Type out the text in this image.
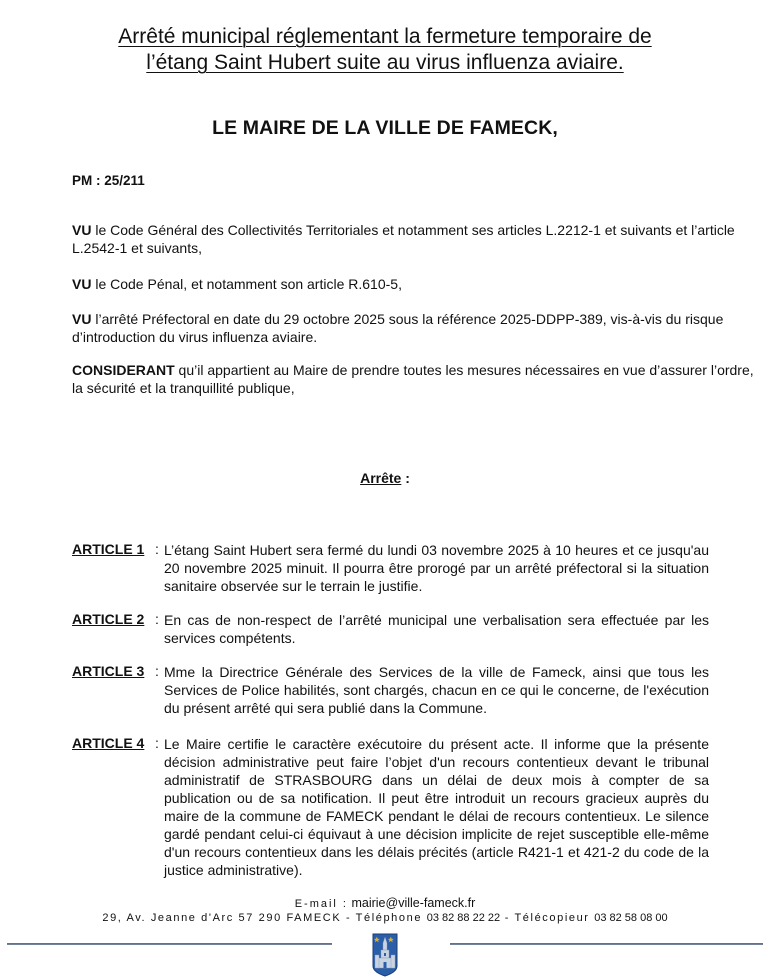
Arrêté municipal réglementant la fermeture temporaire de
l’étang Saint Hubert suite au virus influenza aviaire.
LE MAIRE DE LA VILLE DE FAMECK,
PM : 25/211
VU le Code Général des Collectivités Territoriales et notamment ses articles L.2212-1 et suivants et l’article L.2542-1 et suivants,
VU le Code Pénal, et notamment son article R.610-5,
VU l’arrêté Préfectoral en date du 29 octobre 2025 sous la référence 2025-DDPP-389, vis-à-vis du risque d’introduction du virus influenza aviaire.
CONSIDERANT qu’il appartient au Maire de prendre toutes les mesures nécessaires en vue d’assurer l’ordre, la sécurité et la tranquillité publique,
Arrête :
ARTICLE 1 : L’étang Saint Hubert sera fermé du lundi 03 novembre 2025 à 10 heures et ce jusqu'au 20 novembre 2025 minuit. Il pourra être prorogé par un arrêté préfectoral si la situation sanitaire observée sur le terrain le justifie.
ARTICLE 2 : En cas de non-respect de l’arrêté municipal une verbalisation sera effectuée par les services compétents.
ARTICLE 3 : Mme la Directrice Générale des Services de la ville de Fameck, ainsi que tous les Services de Police habilités, sont chargés, chacun en ce qui le concerne, de l'exécution du présent arrêté qui sera publié dans la Commune.
ARTICLE 4 : Le Maire certifie le caractère exécutoire du présent acte. Il informe que la présente décision administrative peut faire l’objet d'un recours contentieux devant le tribunal administratif de STRASBOURG dans un délai de deux mois à compter de sa publication ou de sa notification. Il peut être introduit un recours gracieux auprès du maire de la commune de FAMECK pendant le délai de recours contentieux. Le silence gardé pendant celui-ci équivaut à une décision implicite de rejet susceptible elle-même d'un recours contentieux dans les délais précités (article R421-1 et 421-2 du code de la justice administrative).
E-mail : mairie@ville-fameck.fr
29, Av. Jeanne d'Arc 57 290 FAMECK - Téléphone 03 82 88 22 22 - Télécopieur 03 82 58 08 00
